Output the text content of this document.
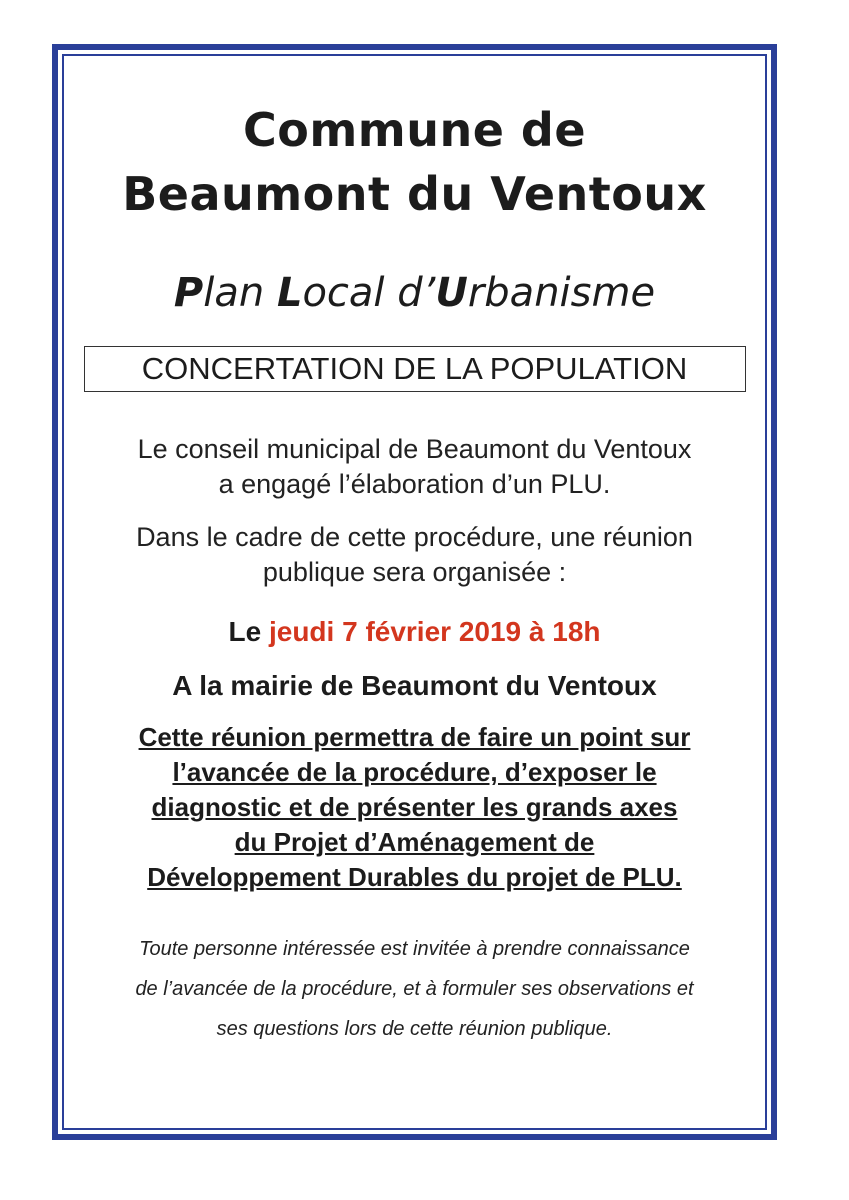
Commune de
Beaumont du Ventoux
Plan Local d’Urbanisme
CONCERTATION DE LA POPULATION
Le conseil municipal de Beaumont du Ventoux
a engagé l’élaboration d’un PLU.
Dans le cadre de cette procédure, une réunion
publique sera organisée :
Le jeudi 7 février 2019 à 18h
A la mairie de Beaumont du Ventoux
Cette réunion permettra de faire un point sur
l’avancée de la procédure, d’exposer le
diagnostic et de présenter les grands axes
du Projet d’Aménagement de
Développement Durables du projet de PLU.
Toute personne intéressée est invitée à prendre connaissance
de l’avancée de la procédure, et à formuler ses observations et
ses questions lors de cette réunion publique.
